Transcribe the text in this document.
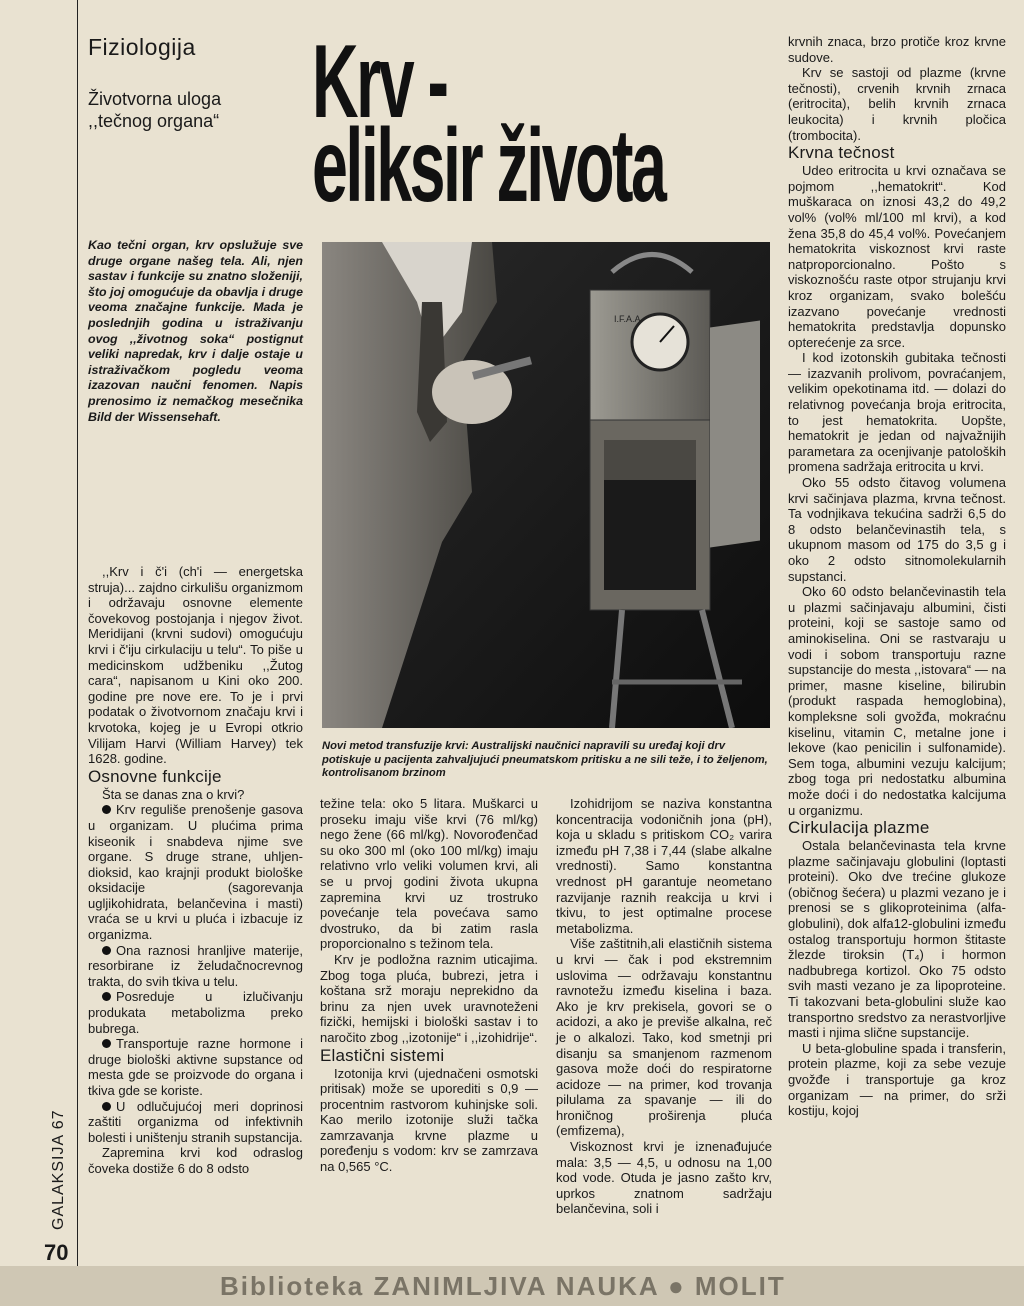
Fiziologija
Životvorna uloga ,,tečnog organa“ Krv -
eliksir života

Kao tečni organ, krv opslužuje sve druge organe našeg tela. Ali, njen sastav i funkcije su znatno složeniji, što joj omogućuje da obavlja i druge veoma značajne funkcije. Mada je poslednjih godina u istraživanju ovog ,,životnog soka“ postignut veliki napredak, krv i dalje ostaje u istraživačkom pogledu veoma izazovan naučni fenomen. Napis prenosimo iz nemačkog mesečnika Bild der Wissensehaft.

I.F.A.A.

Novi metod transfuzije krvi: Australijski naučnici napravili su uređaj koji drv potiskuje u pacijenta zahvaljujući pneumatskom pritisku a ne sili teže, i to željenom, kontrolisanom brzinom

,,Krv i č'i (ch'i — energetska struja)... zajdno cirkulišu organizmom i održavaju osnovne elemente čovekovog postojanja i njegov život. Meridijani (krvni sudovi) omogućuju krvi i č'iju cirkulaciju u telu“. To piše u medicinskom udžbeniku ,,Žutog cara“, napisanom u Kini oko 200. godine pre nove ere. To je i prvi podatak o životvornom značaju krvi i krvotoka, kojeg je u Evropi otkrio Vilijam Harvi (William Harvey) tek 1628. godine.

Osnovne funkcije

Šta se danas zna o krvi?

Krv reguliše prenošenje gasova u organizam. U plućima prima kiseonik i snabdeva njime sve organe. S druge strane, uhljen-dioksid, kao krajnji produkt biološke oksidacije (sagorevanja ugljikohidrata, belančevina i masti) vraća se u krvi u pluća i izbacuje iz organizma.

Ona raznosi hranljive materije, resorbirane iz želudačnocrevnog trakta, do svih tkiva u telu.

Posreduje u izlučivanju produkata metabolizma preko bubrega.

Transportuje razne hormone i druge biološki aktivne supstance od mesta gde se proizvode do organa i tkiva gde se koriste.

U odlučujućoj meri doprinosi zaštiti organizma od infektivnih bolesti i uništenju stranih supstancija.

Zapremina krvi kod odraslog čoveka dostiže 6 do 8 odsto

težine tela: oko 5 litara. Muškarci u proseku imaju više krvi (76 ml/kg) nego žene (66 ml/kg). Novorođenčad su oko 300 ml (oko 100 ml/kg) imaju relativno vrlo veliki volumen krvi, ali se u prvoj godini života ukupna zapremina krvi uz trostruko povećanje tela povećava samo dvostruko, da bi zatim rasla proporcionalno s težinom tela.

Krv je podložna raznim uticajima. Zbog toga pluća, bubrezi, jetra i koštana srž moraju neprekidno da brinu za njen uvek uravnoteženi fizički, hemijski i biološki sastav i to naročito zbog ,,izotonije“ i ,,izohidrije“.

Elastični sistemi

Izotonija krvi (ujednačeni osmotski pritisak) može se uporediti s 0,9 — procentnim rastvorom kuhinjske soli. Kao merilo izotonije služi tačka zamrzavanja krvne plazme u poređenju s vodom: krv se zamrzava na 0,565 °C.

Izohidrijom se naziva konstantna koncentracija vodoničnih jona (pH), koja u skladu s pritiskom CO₂ varira između pH 7,38 i 7,44 (slabe alkalne vrednosti). Samo konstantna vrednost pH garantuje neometano razvijanje raznih reakcija u krvi i tkivu, to jest optimalne procese metabolizma.

Više zaštitnih,ali elastičnih sistema u krvi — čak i pod ekstremnim uslovima — održavaju konstantnu ravnotežu između kiselina i baza. Ako je krv prekisela, govori se o acidozi, a ako je previše alkalna, reč je o alkalozi. Tako, kod smetnji pri disanju sa smanjenom razmenom gasova može doći do respiratorne acidoze — na primer, kod trovanja pilulama za spavanje — ili do hroničnog proširenja pluća (emfizema),

Viskoznost krvi je iznenađujuće mala: 3,5 — 4,5, u odnosu na 1,00 kod vode. Otuda je jasno zašto krv, uprkos znatnom sadržaju belančevina, soli i

krvnih znaca, brzo protiče kroz krvne sudove.

Krv se sastoji od plazme (krvne tečnosti), crvenih krvnih zrnaca (eritrocita), belih krvnih zrnaca leukocita) i krvnih pločica (trombocita).

Krvna tečnost

Udeo eritrocita u krvi označava se pojmom ,,hematokrit“. Kod muškaraca on iznosi 43,2 do 49,2 vol% (vol% ml/100 ml krvi), a kod žena 35,8 do 45,4 vol%. Povećanjem hematokrita viskoznost krvi raste natproporcionalno. Pošto s viskoznošću raste otpor strujanju krvi kroz organizam, svako bolešću izazvano povećanje vrednosti hematokrita predstavlja dopunsko opterećenje za srce.

I kod izotonskih gubitaka tečnosti — izazvanih prolivom, povraćanjem, velikim opekotinama itd. — dolazi do relativnog povećanja broja eritrocita, to jest hematokrita. Uopšte, hematokrit je jedan od najvažnijih parametara za ocenjivanje patoloških promena sadržaja eritrocita u krvi.

Oko 55 odsto čitavog volumena krvi sačinjava plazma, krvna tečnost. Ta vodnjikava tekućina sadrži 6,5 do 8 odsto belančevinastih tela, s ukupnom masom od 175 do 3,5 g i oko 2 odsto sitnomolekularnih supstanci.

Oko 60 odsto belančevinastih tela u plazmi sačinjavaju albumini, čisti proteini, koji se sastoje samo od aminokiselina. Oni se rastvaraju u vodi i sobom transportuju razne supstancije do mesta ,,istovara“ — na primer, masne kiseline, bilirubin (produkt raspada hemoglobina), kompleksne soli gvožđa, mokraćnu kiselinu, vitamin C, metalne jone i lekove (kao penicilin i sulfonamide). Sem toga, albumini vezuju kalcijum; zbog toga pri nedostatku albumina može doći i do nedostatka kalcijuma u organizmu.

Cirkulacija plazme

Ostala belančevinasta tela krvne plazme sačinjavaju globulini (loptasti proteini). Oko dve trećine glukoze (običnog šećera) u plazmi vezano je i prenosi se s glikoproteinima (alfa-globulini), dok alfa12-globulini između ostalog transportuju hormon štitaste žlezde tiroksin (T₄) i hormon nadbubrega kortizol. Oko 75 odsto svih masti vezano je za lipoproteine. Ti takozvani beta-globulini služe kao transportno sredstvo za nerastvorljive masti i njima slične supstancije.

U beta-globuline spada i transferin, protein plazme, koji za sebe vezuje gvožđe i transportuje ga kroz organizam — na primer, do srži kostiju, kojoj

GALAKSIJA 67
70
Biblioteka ZANIMLJIVA NAUKA ● MOLIT
